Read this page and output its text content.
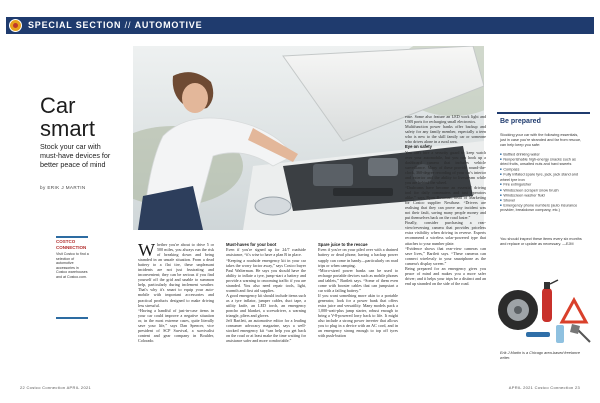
SPECIAL SECTION // AUTOMOTIVE
Car
smart
Stock your car with must-have devices for better peace of mind
by ERIK J MARTIN
COSTCO CONNECTION
Visit Costco to find a selection of automotive accessories in Costco warehouses and at Costco.com.
W hether you're about to drive 5 or 500 miles, you always run the risk of breaking down and being stranded in an unsafe situation. From a dead battery to a flat tire, these unpleasant incidents are not just frustrating and inconvenient; they can be serious if you find yourself off the grid and unable to summon help, particularly during inclement weather. That's why it's smart to equip your auto-mobile with important accessories and practical products designed to make driving less stressful.

“Having a handful of just-in-case items in your car could improve a negative situation or, in the most extreme cases, quite literally save your life,” says Dan Spencer, vice president of SCP Survival, a survivalist content and gear company in Boulder, Colorado.

Must-haves for your boot

Even if you're signed up for 24/7 roadside assistance, “it's wise to have a plan B in place.

“Keeping a roadside emergency kit in your car takes the worry factor away,” says Costco buyer Paul Walterman. He says you should have the ability to inflate a tyre, jump-start a battery and provide a warning to oncoming traffic if you are stranded. You also need repair tools, light, warmth and first aid supplies.

A good emergency kit should include items such as a tyre inflator, jumper cables, duct tape, a utility knife, an LED torch, an emergency poncho and blanket, a screwdriver, a warning triangle, pliers and gloves.

Jeff Bartlett, an automotive editor for a leading consumer advocacy magazine, says a well-stocked emergency kit “can help you get back on the road or at least make the time waiting for assistance safer and more comfortable.”

Spare juice to the rescue

Even if you're on your piled over with a drained battery or dead phone, having a backup power supply can come in handy—particularly on road trips or when camping.

“Micro-sized power banks can be used to recharge portable devices such as mobile phones and tablets,” Bartlett says. “Some of them even come with booster cables that can jumpstart a car with a failing battery.”

If you want something more akin to a portable generator, look for a power bank that offers extra juice and versatility. Many models pack a 1,000-watt-plus jump starter, robust enough to bring a V-8-powered lorry back to life. It might also include a strong power inverter that allows you to plug in a device with an AC cord, and in an emergency strong enough to top off tyres with push-button

ease. Some also feature an LED work light and USB ports for recharging small electronics.

Multifunction power banks offer backup and safety for any family member, especially a teen who is new to the skill family car or someone who drives alone in a rural area.

Eye on safety

You can't hire a security guard to keep watch over your automobile, but you can hook up a dashboard camera that includes vehicle surveillance. Many of these provide round-the-clock, 360-degree recording of your car's interior and exterior and the ability to livestream while you are behind the wheel.

“Dashcams have become an essential driving tool for daily commuters and taxi operators alike,” says Ryan Bowman, head of Marketing for Costco supplier Nextbase. “Drivers are realising that they can prove any incident was not their fault, saving many people money and put themselves back on the road faster.”

Finally, consider purchasing a rear-view/reversing camera that provides priceless extra visibility when driving in reverse. Experts recommend a wireless solar-powered type that attaches to your number plate.

“Evidence shows that rear-view cameras can save lives,” Bartlett says. “These cameras can connect wirelessly to your smartphone as the camera's display screen.”

Being prepared for an emergency gives you peace of mind and makes you a more safer driver; and it helps your trips be a distinct and an end up stranded on the side of the road.

Be prepared
Stocking your car with the following essentials, just in case you're stranded and far from rescue, can help keep you safe:
■ Bottled drinking water
■ Nonperishable high-energy snacks such as dried fruits, unsalted nuts and hard sweets
■ Compass
■ Fully inflated spare tyre, jack, jack stand and wheel tyre iron
■ Fire extinguisher
■ Windscreen scraper/ snow brush
■ Windscreen washer fluid
■ Shovel
■ Emergency phone numbers (auto insurance provider, breakdown company, etc.)
You should inspect these items every six months and replace or update as necessary. —EJM
Erik J Martin is a Chicago area-based freelance writer.
22 Costco Connection APRIL 2021	APRIL 2021 Costco Connection 23
